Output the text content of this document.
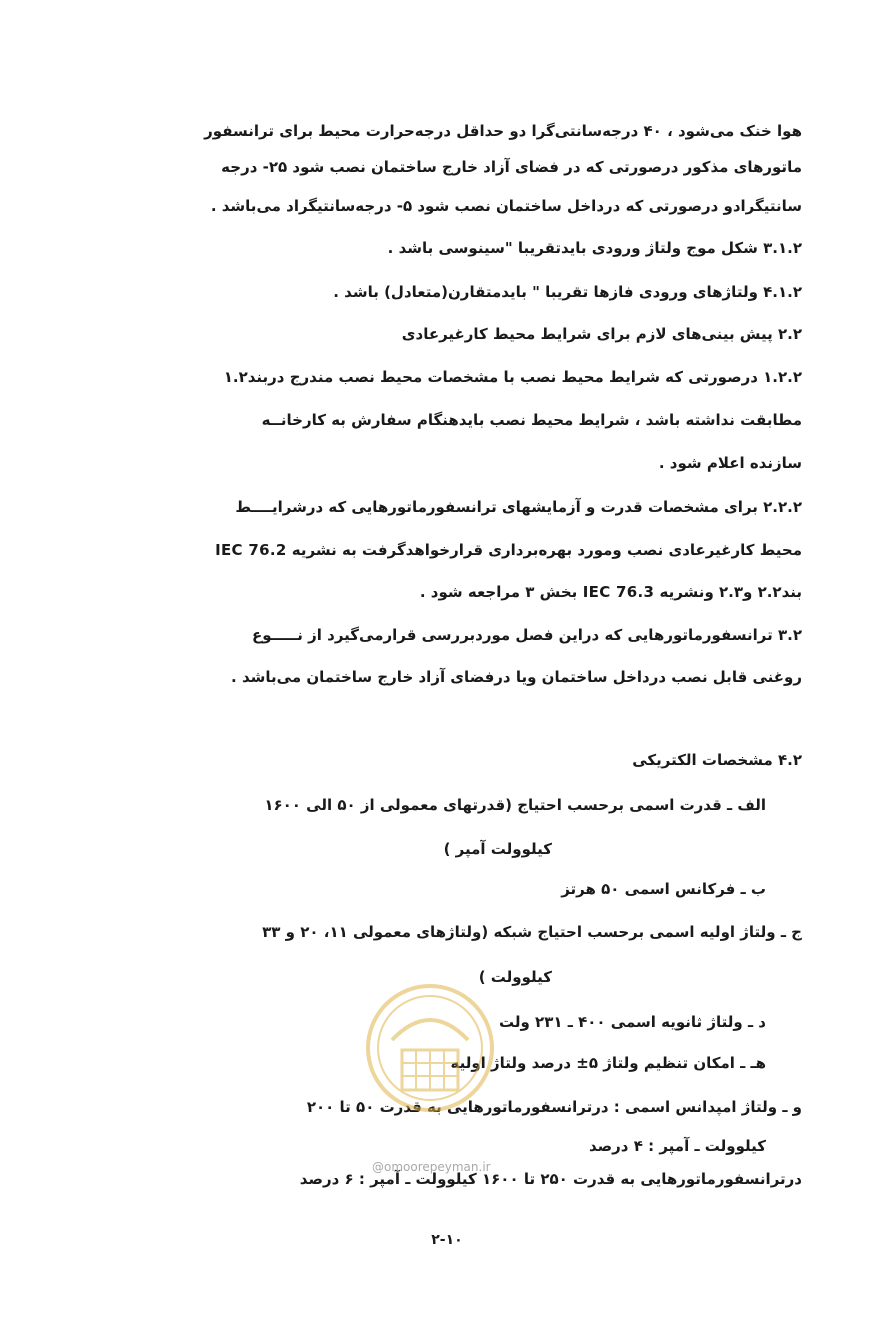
هوا خنک می‌شود ، ۴۰ درجه‌سانتی‌گرا دو حداقل درجه‌حرارت محیط برای ترانسفور
ماتورهای مذکور درصورتی که در فضای آزاد خارج ساختمان نصب شود ۲۵- درجه
سانتیگرادو درصورتی که درداخل ساختمان نصب شود ۵- درجه‌سانتیگراد می‌باشد .
۳.۱.۲ شکل موج ولتاژ ورودی بایدتقریبا "سینوسی باشد .
۴.۱.۲ ولتاژهای ورودی فازها تقریبا " بایدمتقارن(متعادل) باشد .
۲.۲ پیش بینی‌های لازم برای شرایط محیط کارغیرعادی
۱.۲.۲ درصورتی که شرایط محیط نصب با مشخصات محیط نصب مندرج دربند۱.۲
مطابقت نداشته باشد ، شرایط محیط نصب بایدهنگام سفارش به کارخانــه
سازنده اعلام شود .
۲.۲.۲ برای مشخصات قدرت و آزمایشهای ترانسفورماتورهایی که درشرایــــط
محیط کارغیرعادی نصب ومورد بهره‌برداری قرارخواهدگرفت به نشریه IEC 76.2
بند۲.۲ و۲.۳ ونشریه IEC 76.3 بخش ۳ مراجعه شود .
۳.۲ ترانسفورماتورهایی که دراین فصل موردبررسی قرارمی‌گیرد از نـــــوع
روغنی قابل نصب درداخل ساختمان ویا درفضای آزاد خارج ساختمان می‌باشد .
۴.۲ مشخصات الکتریکی
الف ـ قدرت اسمی برحسب احتیاج (قدرتهای معمولی از ۵۰ الی ۱۶۰۰
کیلوولت آمپر )
ب ـ فرکانس اسمی ۵۰ هرتز
ج ـ ولتاژ اولیه اسمی برحسب احتیاج شبکه (ولتاژهای معمولی ۱۱، ۲۰ و ۳۳
کیلوولت )
د ـ ولتاژ ثانویه اسمی ۴۰۰ ـ ۲۳۱ ولت
هـ ـ امکان تنظیم ولتاژ ۵± درصد ولتاژ اولیه
و ـ ولتاژ امپدانس اسمی : درترانسفورماتورهایی به قدرت ۵۰ تا ۲۰۰
کیلوولت ـ آمپر : ۴ درصد
درترانسفورماتورهایی به قدرت ۲۵۰ تا ۱۶۰۰ کیلوولت ـ آمپر : ۶ درصد
@omoorepeyman.ir
۲-۱۰
